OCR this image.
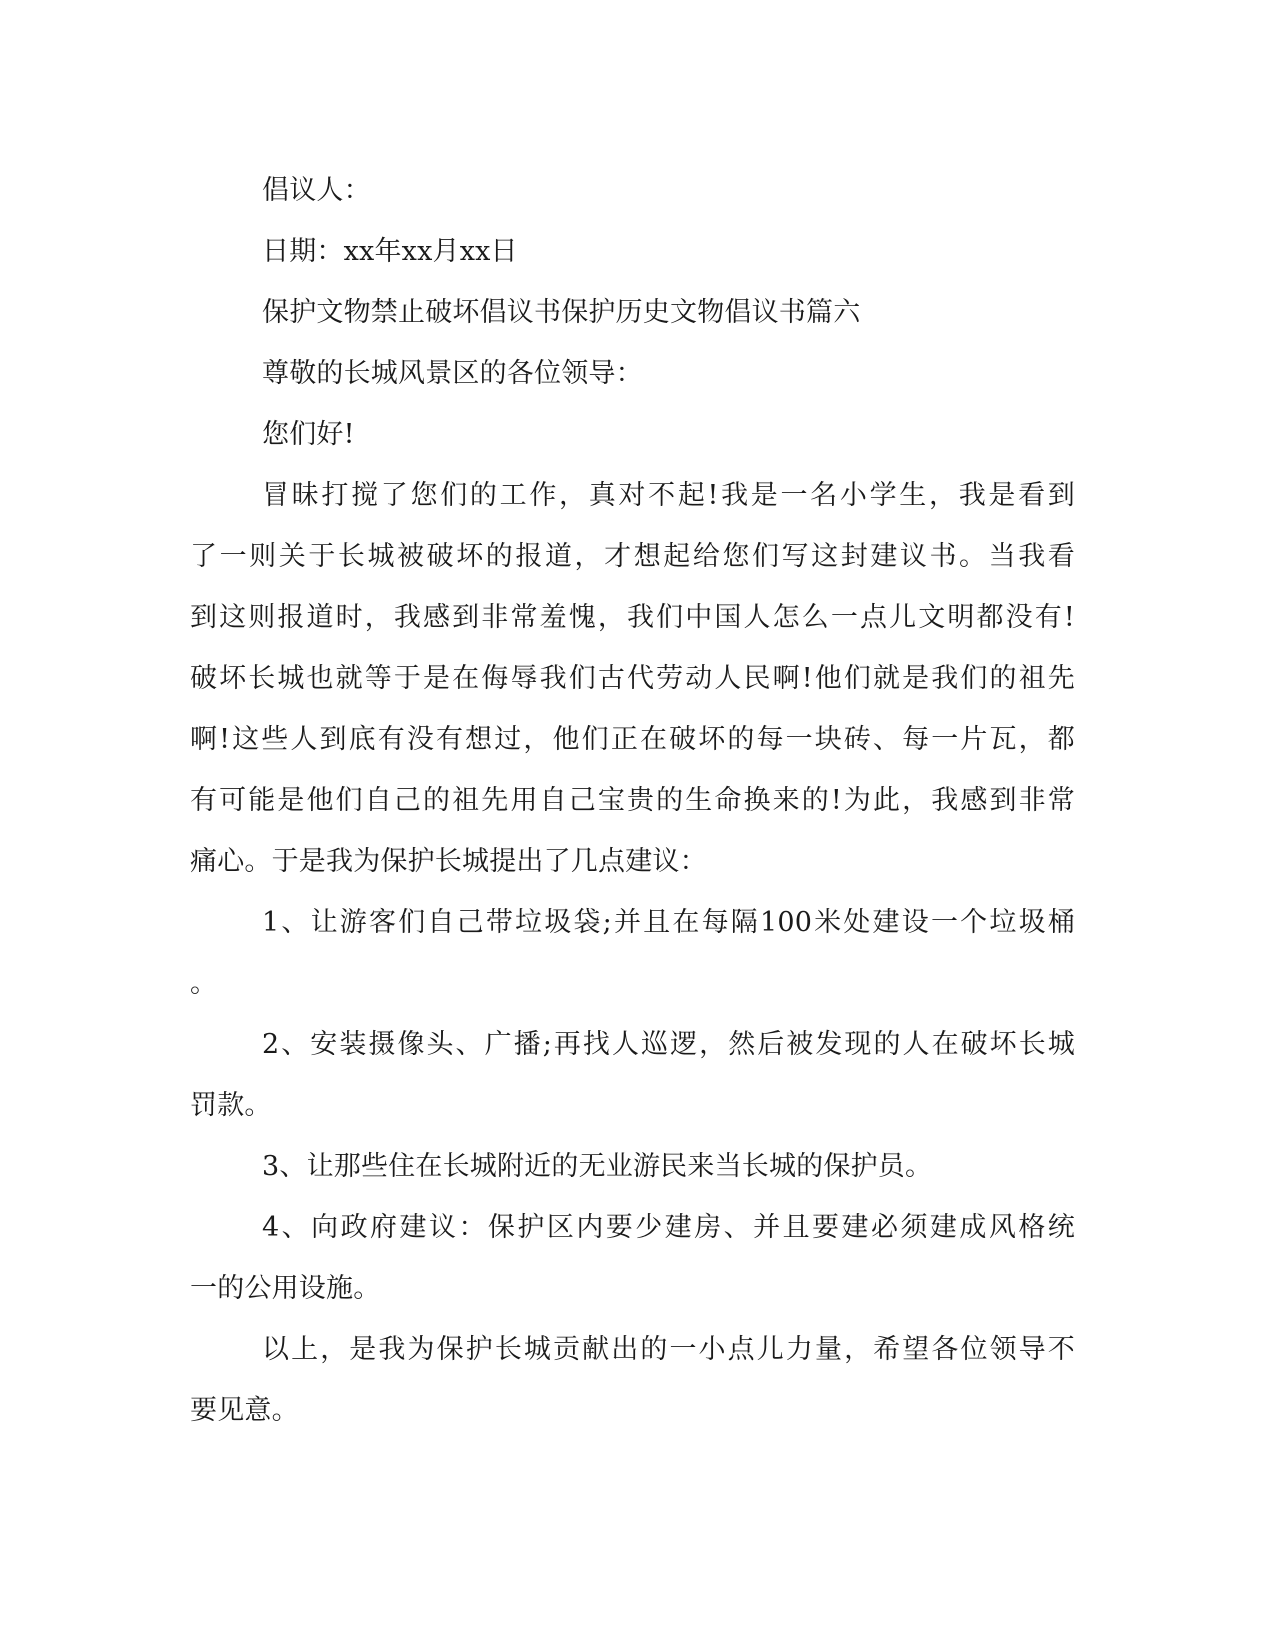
倡议人：
日期：xx年xx月xx日
保护文物禁止破坏倡议书保护历史文物倡议书篇六
尊敬的长城风景区的各位领导：
您们好!
冒昧打搅了您们的工作，真对不起!我是一名小学生，我是看到
了一则关于长城被破坏的报道，才想起给您们写这封建议书。当我看
到这则报道时，我感到非常羞愧，我们中国人怎么一点儿文明都没有!
破坏长城也就等于是在侮辱我们古代劳动人民啊!他们就是我们的祖先
啊!这些人到底有没有想过，他们正在破坏的每一块砖、每一片瓦，都
有可能是他们自己的祖先用自己宝贵的生命换来的!为此，我感到非常
痛心。于是我为保护长城提出了几点建议：
1、让游客们自己带垃圾袋;并且在每隔100米处建设一个垃圾桶
。
2、安装摄像头、广播;再找人巡逻，然后被发现的人在破坏长城
罚款。
3、让那些住在长城附近的无业游民来当长城的保护员。
4、向政府建议：保护区内要少建房、并且要建必须建成风格统
一的公用设施。
以上，是我为保护长城贡献出的一小点儿力量，希望各位领导不
要见意。
